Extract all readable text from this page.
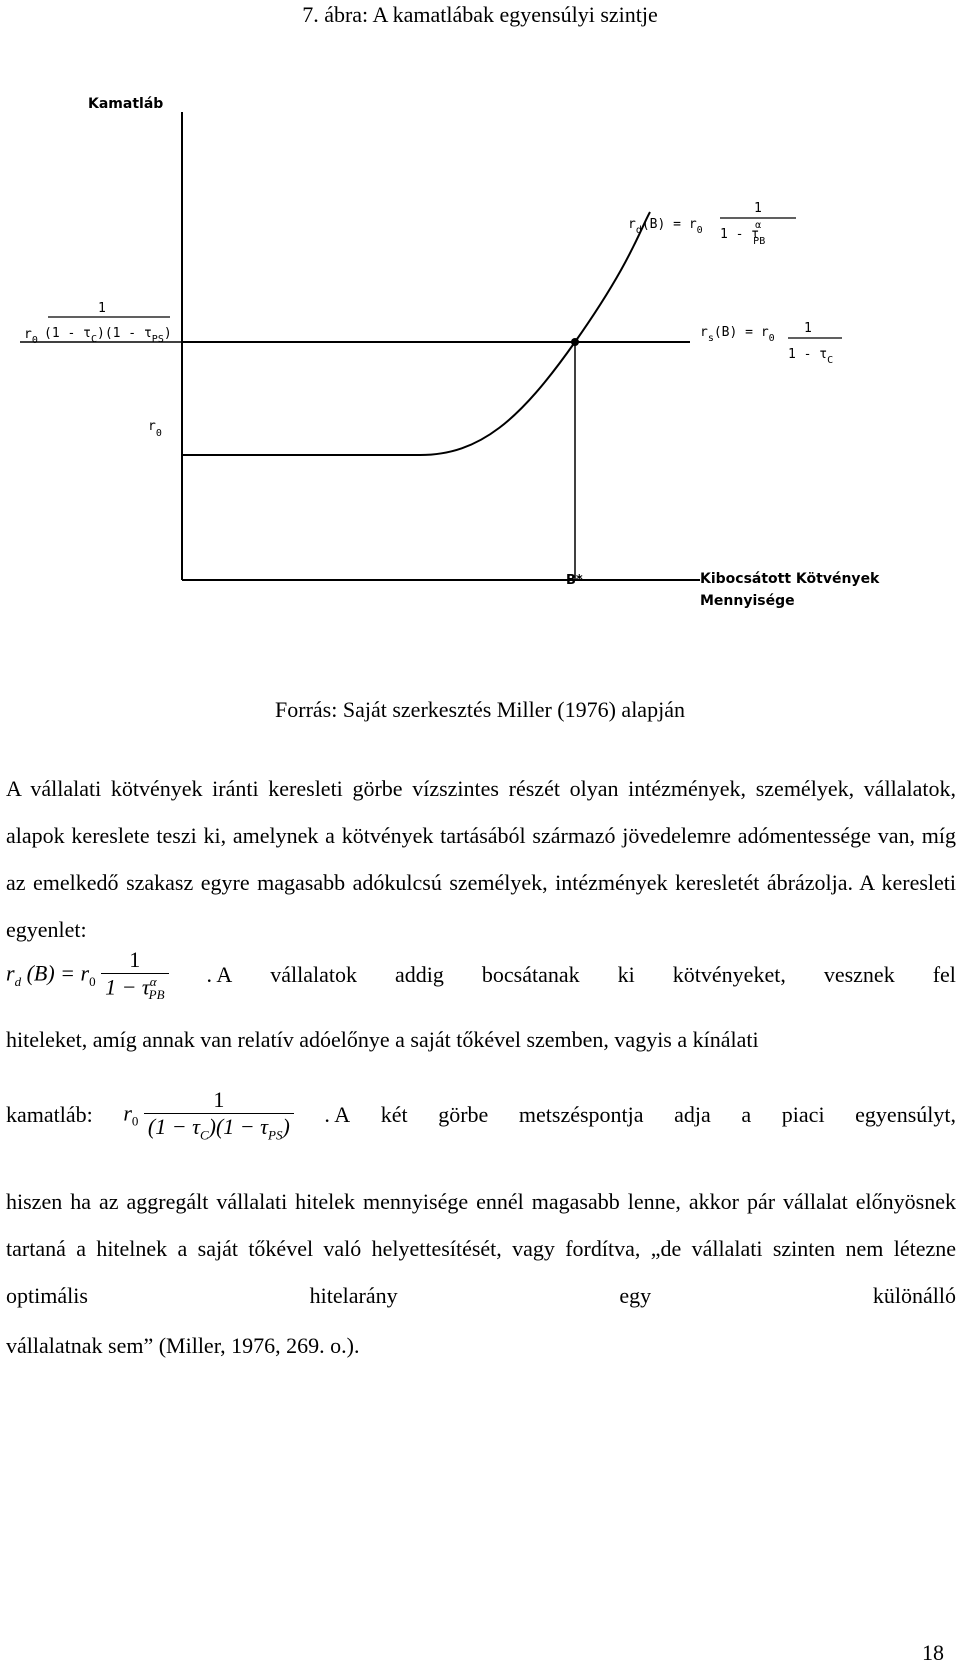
7. ábra: A kamatlábak egyensúlyi szintje
Kamatláb
B*	Kibocsátott Kötvények
Mennyisége
$r_0$
$r_0$
1
$(1 - \tau_C)(1 - \tau_{PS})$
$r_d(B) = r_0$
1
1 - τα PB
$r_s(B) = r_0$
1
$1 - \tau_C$
Forrás: Saját szerkesztés Miller (1976) alapján
A vállalati kötvények iránti keresleti görbe vízszintes részét olyan intézmények, személyek, vállalatok, alapok kereslete teszi ki, amelynek a kötvények tartásából származó jövedelemre adómentessége van, míg az emelkedő szakasz egyre magasabb adókulcsú személyek, intézmények keresletét ábrázolja. A keresleti egyenlet:
$r_d$ $(B) = r_0 \frac{1}{1 - \tau^\alpha_{PB}}$ . A vállalatok addig bocsátanak ki kötvényeket, vesznek fel
hiteleket, amíg annak van relatív adóelőnye a saját tőkével szemben, vagyis a kínálati
kamatláb: $r_0 \frac{1}{(1 - \tau_C)(1 - \tau_{PS})}$ . A két görbe metszéspontja adja a piaci egyensúlyt,
hiszen ha az aggregált vállalati hitelek mennyisége ennél magasabb lenne, akkor pár vállalat előnyösnek tartaná a hitelnek a saját tőkével való helyettesítését, vagy fordítva, „de vállalati szinten nem létezne optimális hitelarány egy különálló
vállalatnak sem” (Miller, 1976, 269. o.).
18
